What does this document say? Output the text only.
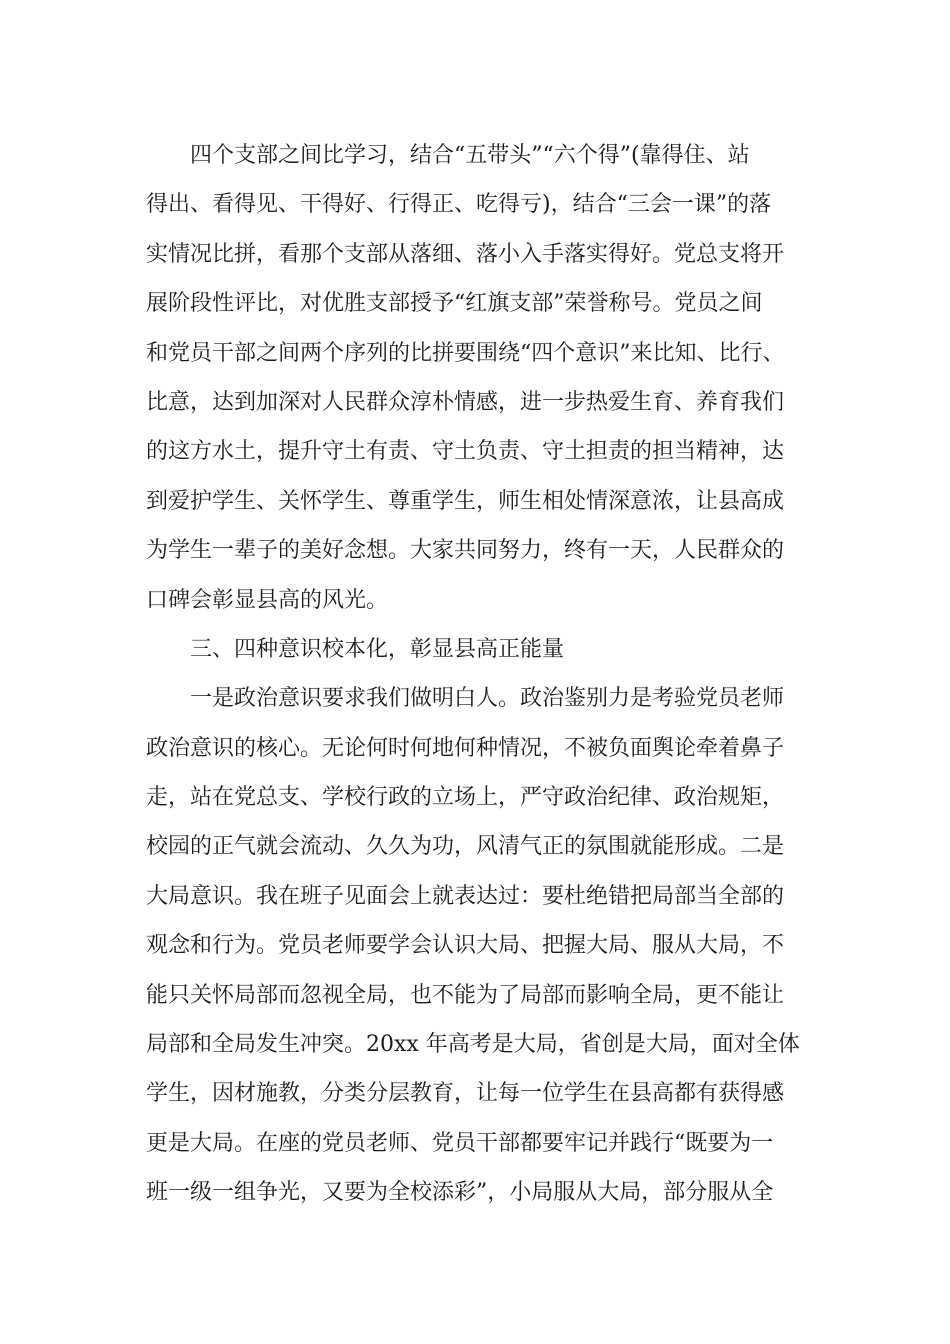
四个支部之间比学习，结合“五带头”“六个得”(靠得住、站
得出、看得见、干得好、行得正、吃得亏)，结合“三会一课”的落
实情况比拼，看那个支部从落细、落小入手落实得好。党总支将开
展阶段性评比，对优胜支部授予“红旗支部”荣誉称号。党员之间
和党员干部之间两个序列的比拼要围绕“四个意识”来比知、比行、
比意，达到加深对人民群众淳朴情感，进一步热爱生育、养育我们
的这方水土，提升守土有责、守土负责、守土担责的担当精神，达
到爱护学生、关怀学生、尊重学生，师生相处情深意浓，让县高成
为学生一辈子的美好念想。大家共同努力，终有一天，人民群众的
口碑会彰显县高的风光。
三、四种意识校本化，彰显县高正能量
一是政治意识要求我们做明白人。政治鉴别力是考验党员老师
政治意识的核心。无论何时何地何种情况，不被负面舆论牵着鼻子
走，站在党总支、学校行政的立场上，严守政治纪律、政治规矩，
校园的正气就会流动、久久为功，风清气正的氛围就能形成。二是
大局意识。我在班子见面会上就表达过：要杜绝错把局部当全部的
观念和行为。党员老师要学会认识大局、把握大局、服从大局，不
能只关怀局部而忽视全局，也不能为了局部而影响全局，更不能让
局部和全局发生冲突。20xx 年高考是大局，省创是大局，面对全体
学生，因材施教，分类分层教育，让每一位学生在县高都有获得感
更是大局。在座的党员老师、党员干部都要牢记并践行“既要为一
班一级一组争光，又要为全校添彩”，小局服从大局，部分服从全
